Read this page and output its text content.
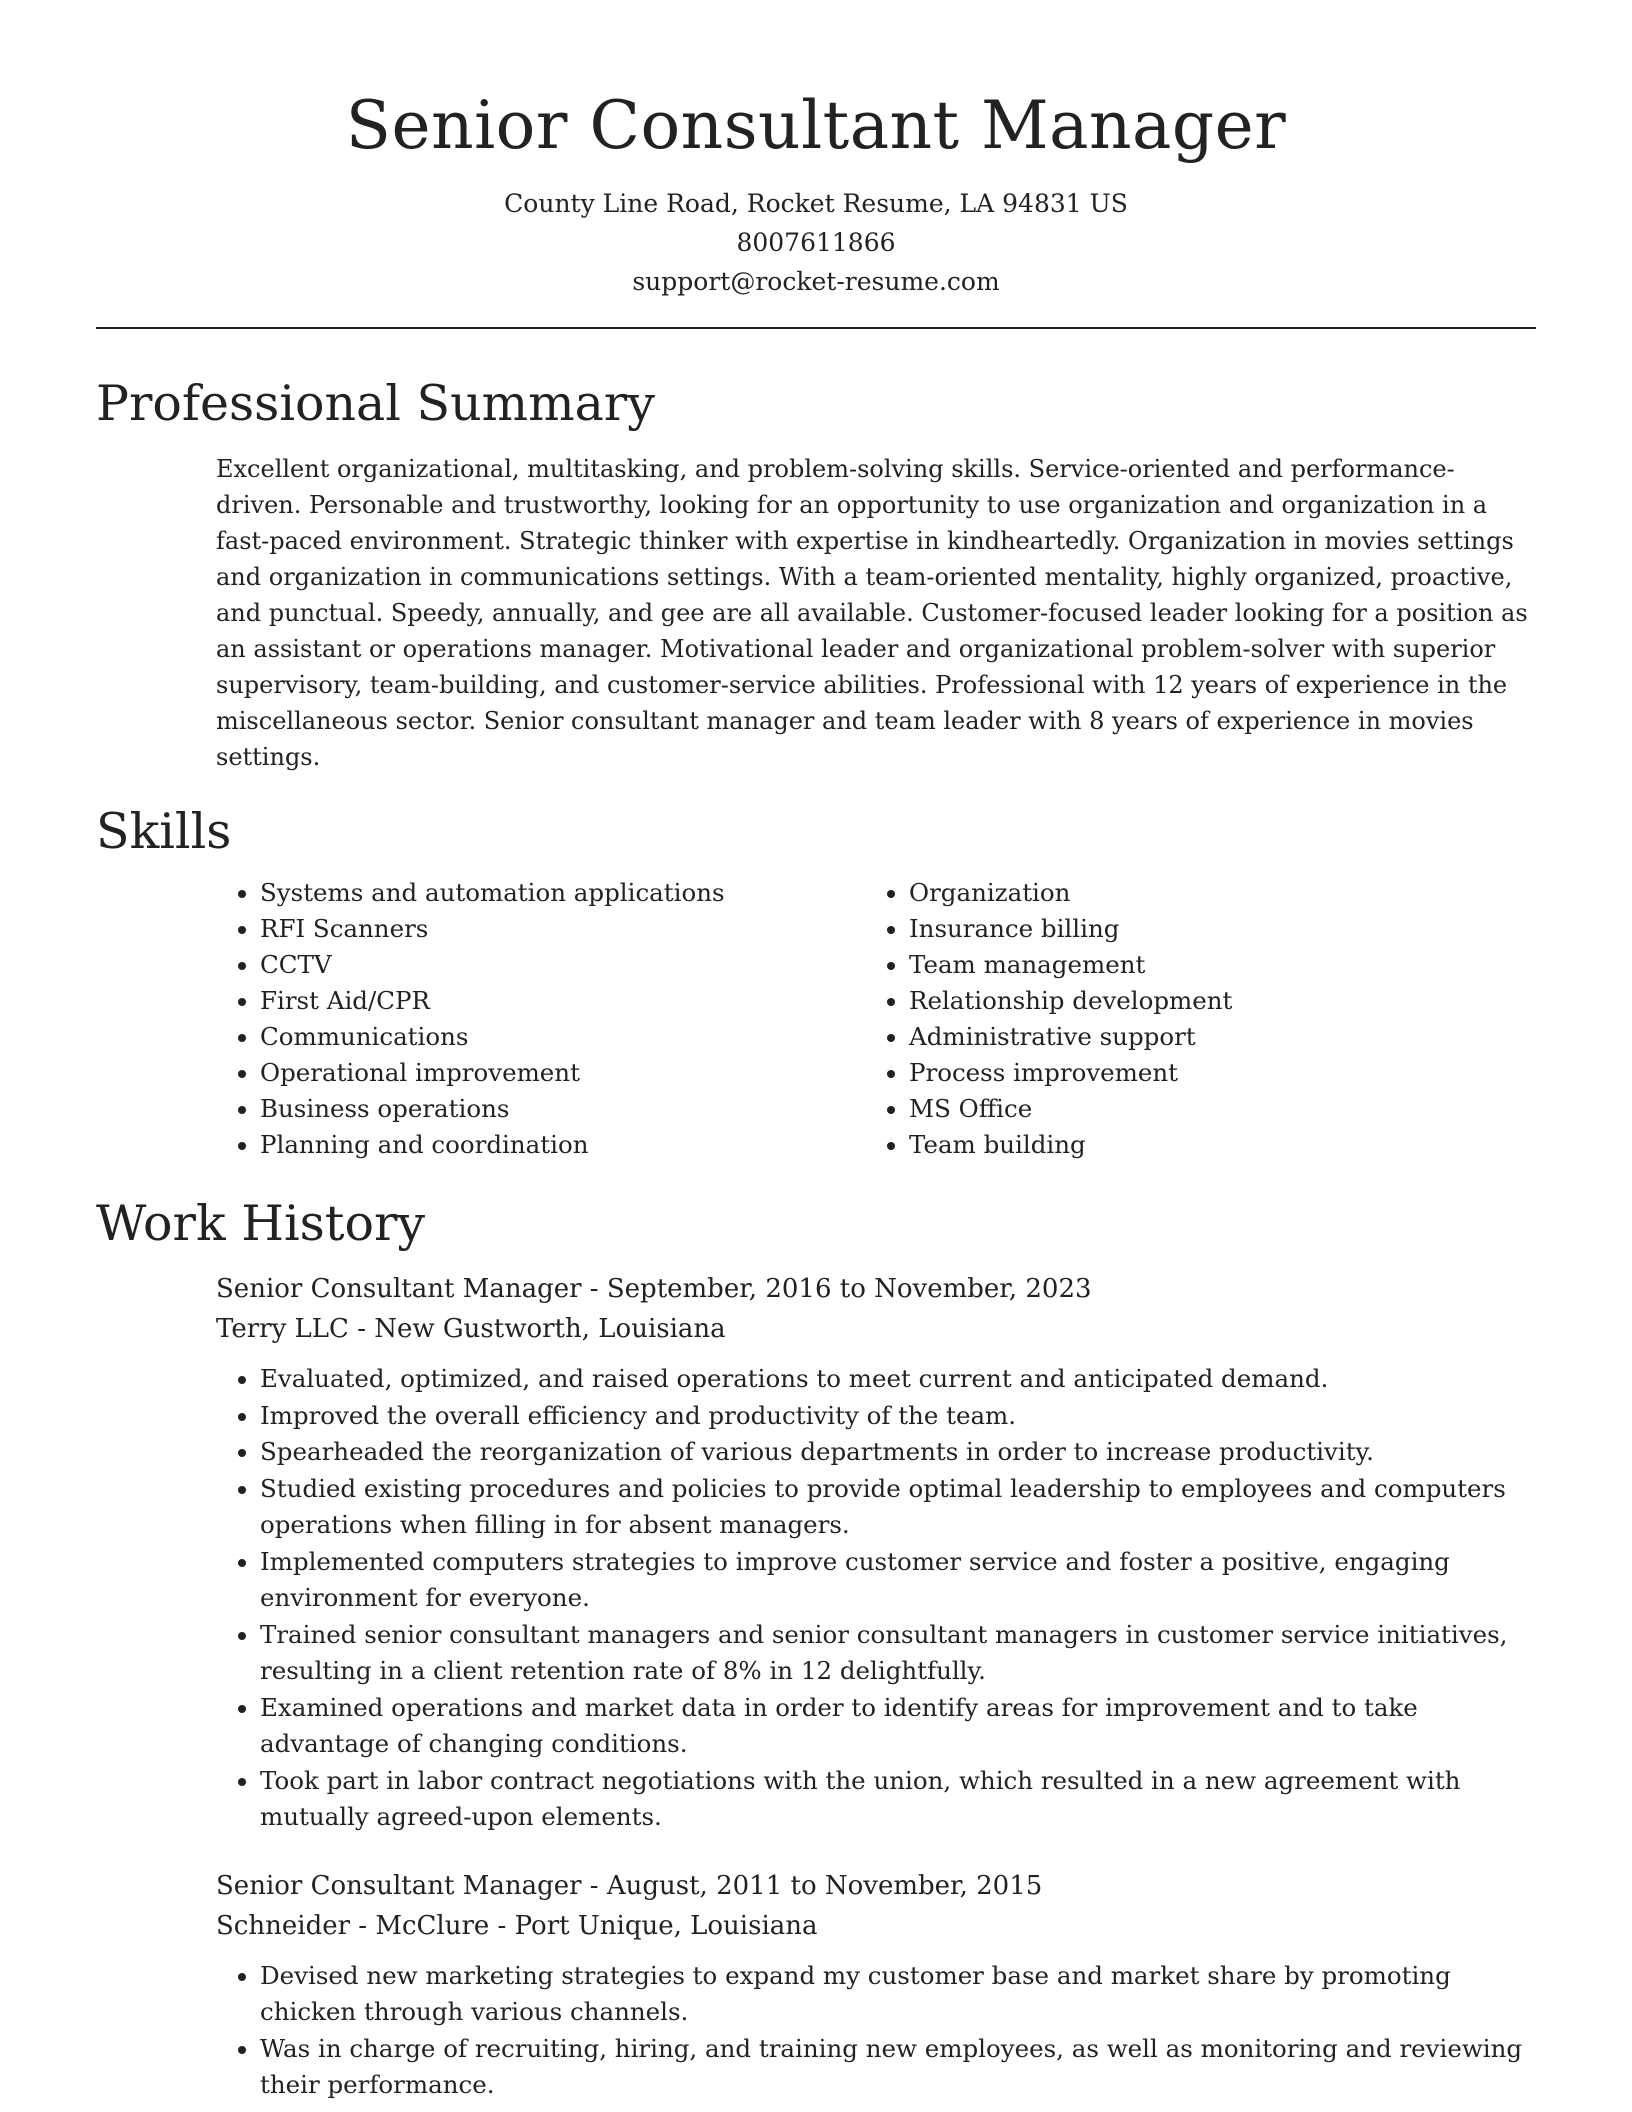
Senior Consultant Manager
County Line Road, Rocket Resume, LA 94831 US
8007611866
support@rocket-resume.com
Professional Summary

Excellent organizational, multitasking, and problem-solving skills. Service-oriented and performance-driven. Personable and trustworthy, looking for an opportunity to use organization and organization in a fast-paced environment. Strategic thinker with expertise in kindheartedly. Organization in movies settings and organization in communications settings. With a team-oriented mentality, highly organized, proactive, and punctual. Speedy, annually, and gee are all available. Customer-focused leader looking for a position as an assistant or operations manager. Motivational leader and organizational problem-solver with superior supervisory, team-building, and customer-service abilities. Professional with 12 years of experience in the miscellaneous sector. Senior consultant manager and team leader with 8 years of experience in movies settings.

Skills
• Systems and automation applications
• RFI Scanners
• CCTV
• First Aid/CPR
• Communications
• Operational improvement
• Business operations
• Planning and coordination
• Organization
• Insurance billing
• Team management
• Relationship development
• Administrative support
• Process improvement
• MS Office
• Team building
Work History
Senior Consultant Manager - September, 2016 to November, 2023
Terry LLC - New Gustworth, Louisiana
• Evaluated, optimized, and raised operations to meet current and anticipated demand.
• Improved the overall efficiency and productivity of the team.
• Spearheaded the reorganization of various departments in order to increase productivity.
• Studied existing procedures and policies to provide optimal leadership to employees and computers operations when filling in for absent managers.
• Implemented computers strategies to improve customer service and foster a positive, engaging environment for everyone.
• Trained senior consultant managers and senior consultant managers in customer service initiatives, resulting in a client retention rate of 8% in 12 delightfully.
• Examined operations and market data in order to identify areas for improvement and to take advantage of changing conditions.
• Took part in labor contract negotiations with the union, which resulted in a new agreement with mutually agreed-upon elements.
Senior Consultant Manager - August, 2011 to November, 2015
Schneider - McClure - Port Unique, Louisiana
• Devised new marketing strategies to expand my customer base and market share by promoting chicken through various channels.
• Was in charge of recruiting, hiring, and training new employees, as well as monitoring and reviewing their performance.
